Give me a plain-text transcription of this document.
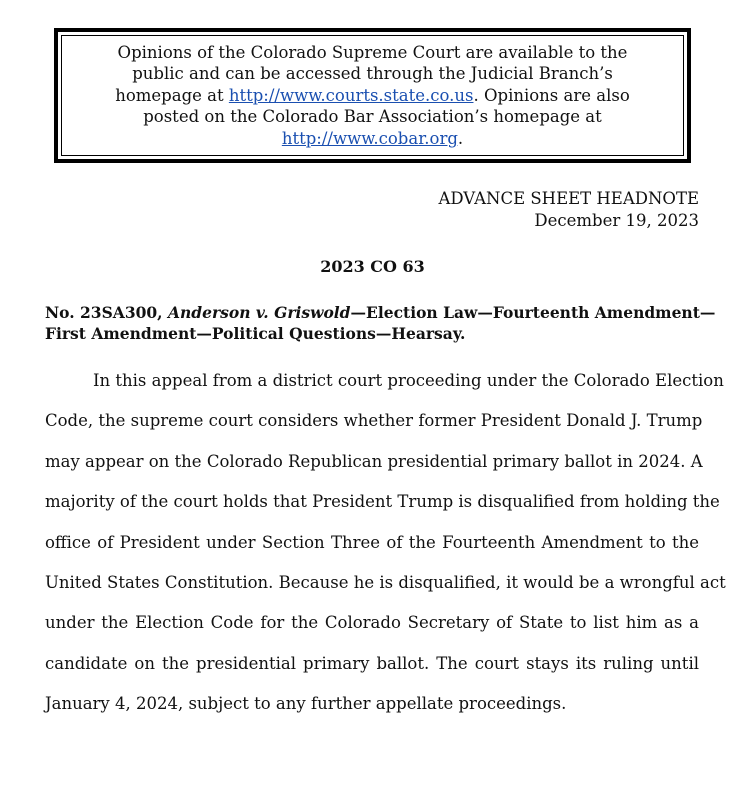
Opinions of the Colorado Supreme Court are available to the
public and can be accessed through the Judicial Branch’s
homepage at http://www.courts.state.co.us. Opinions are also
posted on the Colorado Bar Association’s homepage at
http://www.cobar.org.
ADVANCE SHEET HEADNOTE
December 19, 2023
2023 CO 63
No. 23SA300, Anderson v. Griswold—Election Law—Fourteenth Amendment—
First Amendment—Political Questions—Hearsay.
In this appeal from a district court proceeding under the Colorado Election
Code, the supreme court considers whether former President Donald J. Trump
may appear on the Colorado Republican presidential primary ballot in 2024. A
majority of the court holds that President Trump is disqualified from holding the
office of President under Section Three of the Fourteenth Amendment to the
United States Constitution. Because he is disqualified, it would be a wrongful act
under the Election Code for the Colorado Secretary of State to list him as a
candidate on the presidential primary ballot. The court stays its ruling until
January 4, 2024, subject to any further appellate proceedings.
